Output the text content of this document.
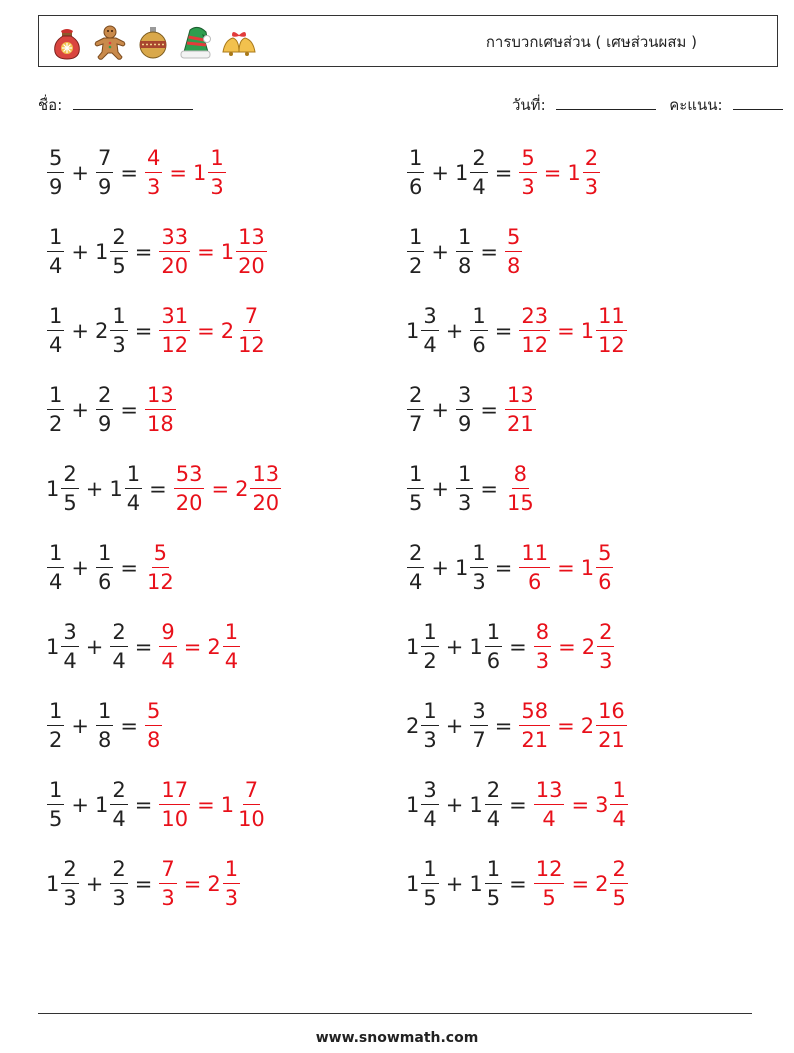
การบวกเศษส่วน ( เศษส่วนผสม )
ชื่อ:	วันที่:	คะแนน:
$\frac{5}{9} + \frac{7}{9} = \frac{4}{3} = 1 \frac{1}{3}$	$\frac{1}{6} + 1 \frac{2}{4} = \frac{5}{3} = 1 \frac{2}{3}$
$\frac{1}{4} + 1 \frac{2}{5} = \frac{33}{20} = 1 \frac{13}{20}$	$\frac{1}{2} + \frac{1}{8} = \frac{5}{8}$
$\frac{1}{4} + 2 \frac{1}{3} = \frac{31}{12} = 2 \frac{7}{12}$	$1 \frac{3}{4} + \frac{1}{6} = \frac{23}{12} = 1 \frac{11}{12}$
$\frac{1}{2} + \frac{2}{9} = \frac{13}{18}$	$\frac{2}{7} + \frac{3}{9} = \frac{13}{21}$
$1 \frac{2}{5} + 1 \frac{1}{4} = \frac{53}{20} = 2 \frac{13}{20}$	$\frac{1}{5} + \frac{1}{3} = \frac{8}{15}$
$\frac{1}{4} + \frac{1}{6} = \frac{5}{12}$	$\frac{2}{4} + 1 \frac{1}{3} = \frac{11}{6} = 1 \frac{5}{6}$
$1 \frac{3}{4} + \frac{2}{4} = \frac{9}{4} = 2 \frac{1}{4}$	$1 \frac{1}{2} + 1 \frac{1}{6} = \frac{8}{3} = 2 \frac{2}{3}$
$\frac{1}{2} + \frac{1}{8} = \frac{5}{8}$	$2 \frac{1}{3} + \frac{3}{7} = \frac{58}{21} = 2 \frac{16}{21}$
$\frac{1}{5} + 1 \frac{2}{4} = \frac{17}{10} = 1 \frac{7}{10}$	$1 \frac{3}{4} + 1 \frac{2}{4} = \frac{13}{4} = 3 \frac{1}{4}$
$1 \frac{2}{3} + \frac{2}{3} = \frac{7}{3} = 2 \frac{1}{3}$	$1 \frac{1}{5} + 1 \frac{1}{5} = \frac{12}{5} = 2 \frac{2}{5}$
www.snowmath.com
